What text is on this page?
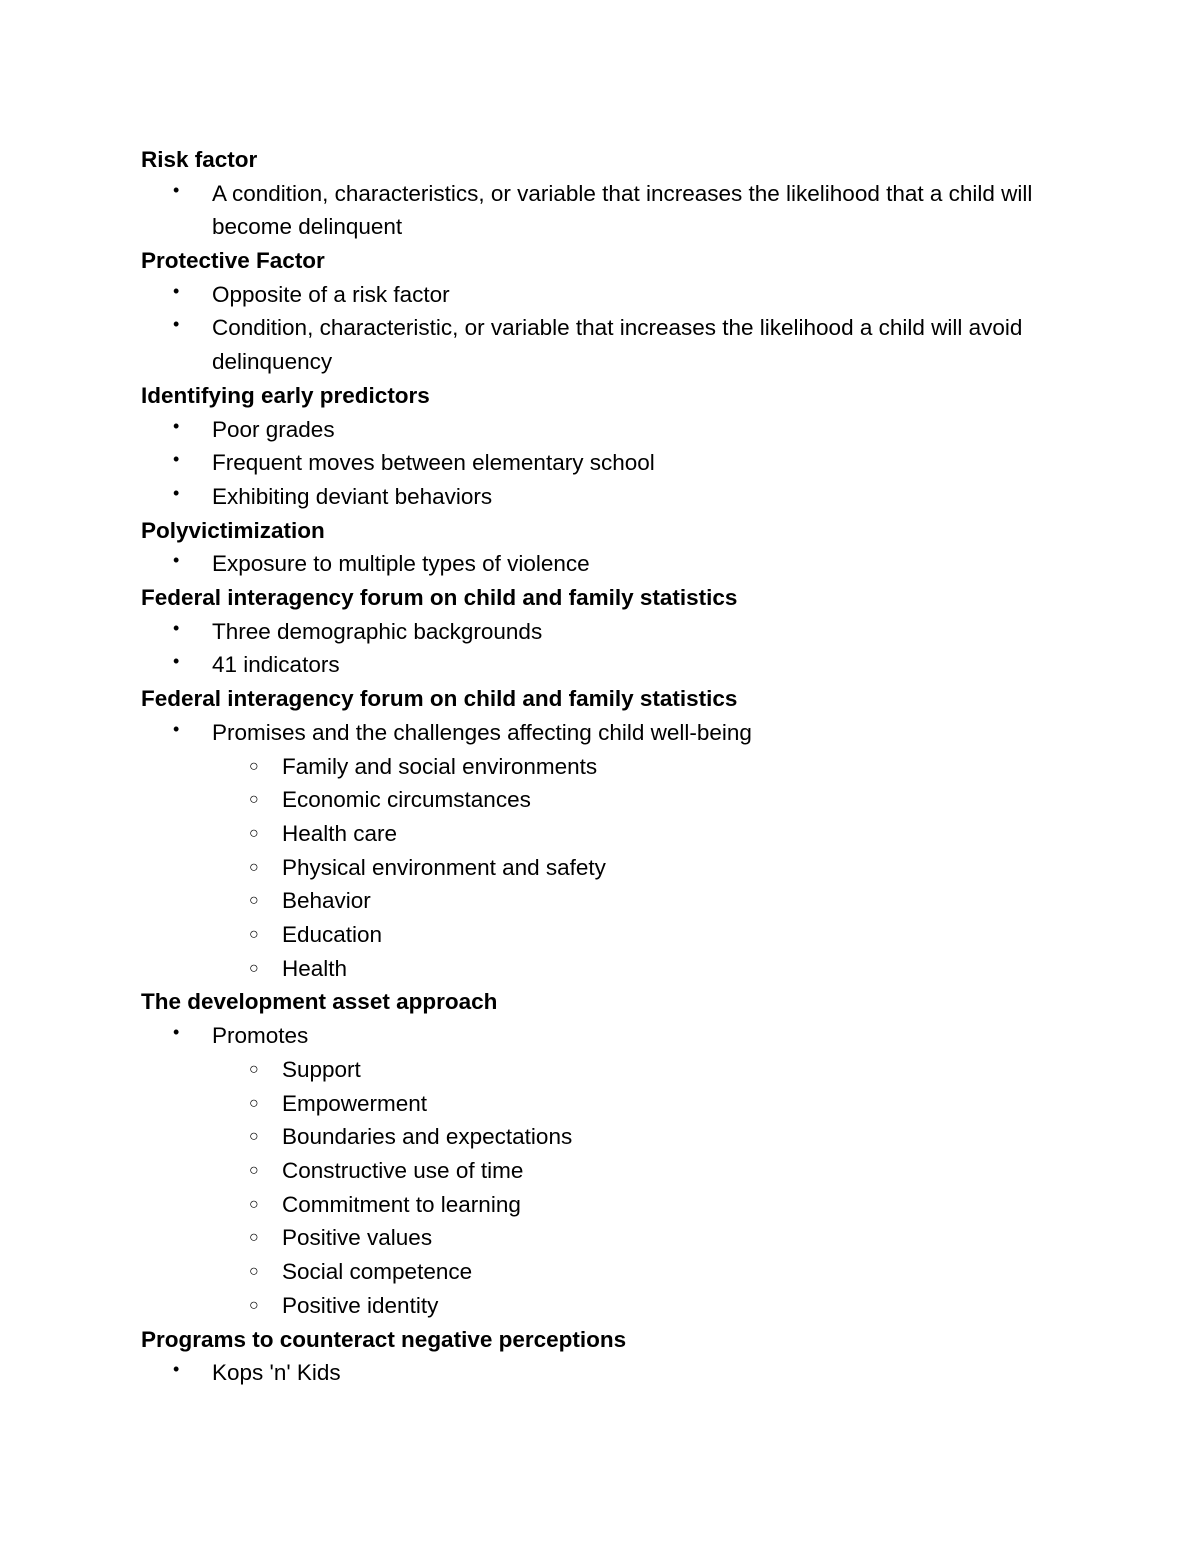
Risk factor
• A condition, characteristics, or variable that increases the likelihood that a child will become delinquent
Protective Factor
• Opposite of a risk factor
• Condition, characteristic, or variable that increases the likelihood a child will avoid delinquency
Identifying early predictors
• Poor grades
• Frequent moves between elementary school
• Exhibiting deviant behaviors
Polyvictimization
• Exposure to multiple types of violence
Federal interagency forum on child and family statistics
• Three demographic backgrounds
• 41 indicators
Federal interagency forum on child and family statistics
• Promises and the challenges affecting child well-being
○ Family and social environments
○ Economic circumstances
○ Health care
○ Physical environment and safety
○ Behavior
○ Education
○ Health
The development asset approach
• Promotes
○ Support
○ Empowerment
○ Boundaries and expectations
○ Constructive use of time
○ Commitment to learning
○ Positive values
○ Social competence
○ Positive identity
Programs to counteract negative perceptions
• Kops 'n' Kids
